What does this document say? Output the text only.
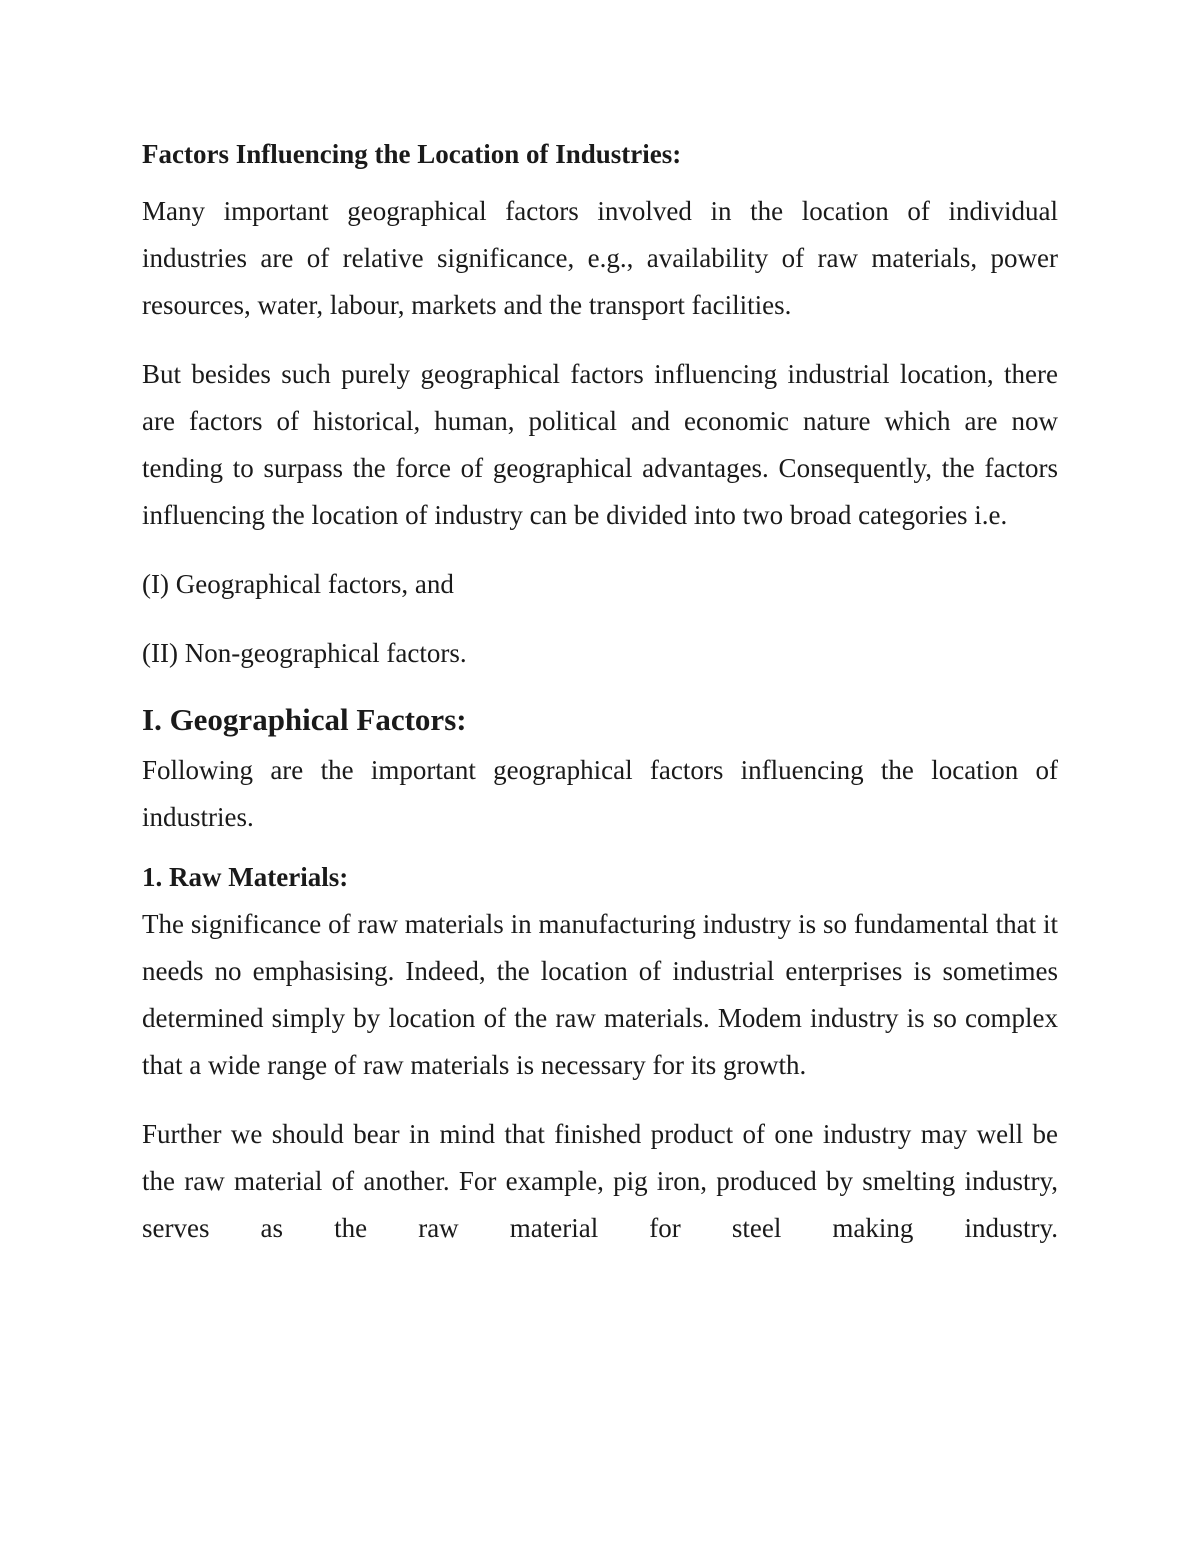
Factors Influencing the Location of Industries:

Many important geographical factors involved in the location of individual industries are of relative significance, e.g., availability of raw materials, power resources, water, labour, markets and the transport facilities.

But besides such purely geographical factors influencing industrial location, there are factors of historical, human, political and economic nature which are now tending to surpass the force of geographical advantages. Consequently, the factors influencing the location of industry can be divided into two broad categories i.e.

(I) Geographical factors, and
(II) Non-geographical factors.
I. Geographical Factors:

Following are the important geographical factors influencing the location of industries.

1. Raw Materials:

The significance of raw materials in manufacturing industry is so fundamental that it needs no emphasising. Indeed, the location of industrial enterprises is sometimes determined simply by location of the raw materials. Modem industry is so complex that a wide range of raw materials is necessary for its growth.

Further we should bear in mind that finished product of one industry may well be the raw material of another. For example, pig iron, produced by smelting industry, serves as the raw material for steel making industry.
